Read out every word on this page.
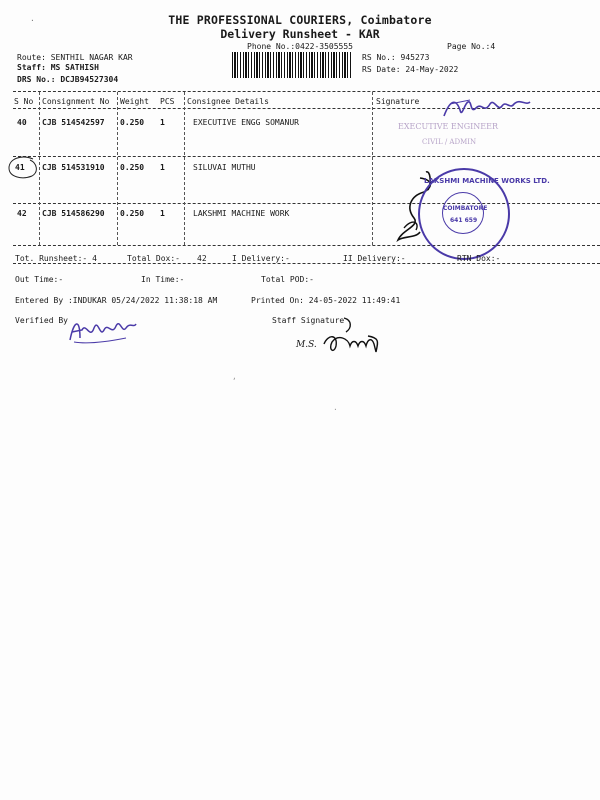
·	THE PROFESSIONAL COURIERS, Coimbatore
Delivery Runsheet - KAR
Phone No.:0422-3505555	Page No.:4
Route: SENTHIL NAGAR KAR
Staff: MS SATHISH
DRS No.: DCJB94527304
RS No.: 945273
RS Date: 24-May-2022
S No Consignment No Weight PCS Consignee Details	Signature
40 CJB 514542597 0.250 1	EXECUTIVE ENGG SOMANUR
41 CJB 514531910 0.250 1	SILUVAI MUTHU
42 CJB 514586290 0.250 1	LAKSHMI MACHINE WORK
EXECUTIVE ENGINEER
CIVIL / ADMIN
LAKSHMI MACHINE WORKS LTD.
COIMBATORE
641 659
Tot. Runsheet:- 4	Total Dox:- 42	I Delivery:-	II Delivery:-	RTN Dox:-
Out Time:-	In Time:-	Total POD:-
Entered By :INDUKAR 05/24/2022 11:38:18 AM	Printed On: 24-05-2022 11:49:41
Verified By	Staff Signature
M.S.
,
·
